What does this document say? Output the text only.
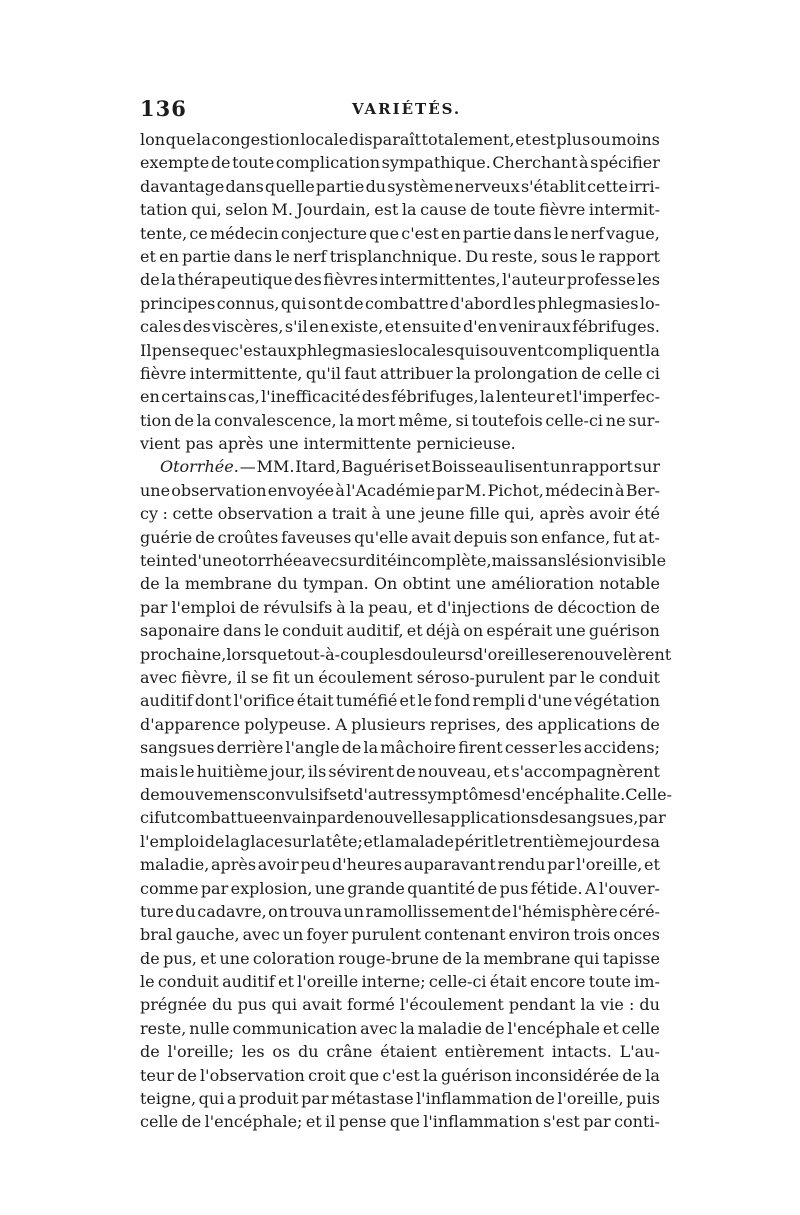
136	VARIÉTÉS.
lon que la congestion locale disparaît totalement, et est plus ou moins
exempte de toute complication sympathique. Cherchant à spécifier
davantage dans quelle partie du système nerveux s'établit cette irri-
tation qui, selon M. Jourdain, est la cause de toute fièvre intermit-
tente, ce médecin conjecture que c'est en partie dans le nerf vague,
et en partie dans le nerf trisplanchnique. Du reste, sous le rapport
de la thérapeutique des fièvres intermittentes, l'auteur professe les
principes connus, qui sont de combattre d'abord les phlegmasies lo-
cales des viscères, s'il en existe, et ensuite d'en venir aux fébrifuges.
Il pense que c'est aux phlegmasies locales qui souvent compliquent la
fièvre intermittente, qu'il faut attribuer la prolongation de celle ci
en certains cas, l'inefficacité des fébrifuges, la lenteur et l'imperfec-
tion de la convalescence, la mort même, si toutefois celle-ci ne sur-
vient pas après une intermittente pernicieuse.
Otorrhée. — MM. Itard, Baguéris et Boisseau lisent un rapport sur
une observation envoyée à l'Académie par M. Pichot, médecin à Ber-
cy : cette observation a trait à une jeune fille qui, après avoir été
guérie de croûtes faveuses qu'elle avait depuis son enfance, fut at-
teinte d'une otorrhée avec surdité incomplète, mais sans lésion visible
de la membrane du tympan. On obtint une amélioration notable
par l'emploi de révulsifs à la peau, et d'injections de décoction de
saponaire dans le conduit auditif, et déjà on espérait une guérison
prochaine, lorsque tout-à-coup les douleurs d'oreille se renouvelèrent
avec fièvre, il se fit un écoulement séroso-purulent par le conduit
auditif dont l'orifice était tuméfié et le fond rempli d'une végétation
d'apparence polypeuse. A plusieurs reprises, des applications de
sangsues derrière l'angle de la mâchoire firent cesser les accidens;
mais le huitième jour, ils sévirent de nouveau, et s'accompagnèrent
de mouvemens convulsifs et d'autres symptômes d'encéphalite. Celle-
ci fut combattue en vain par de nouvelles applications de sangsues, par
l'emploi de la glace sur la tête; et la malade périt le trentième jour de sa
maladie, après avoir peu d'heures auparavant rendu par l'oreille, et
comme par explosion, une grande quantité de pus fétide. A l'ouver-
ture du cadavre, on trouva un ramollissement de l'hémisphère céré-
bral gauche, avec un foyer purulent contenant environ trois onces
de pus, et une coloration rouge-brune de la membrane qui tapisse
le conduit auditif et l'oreille interne; celle-ci était encore toute im-
prégnée du pus qui avait formé l'écoulement pendant la vie : du
reste, nulle communication avec la maladie de l'encéphale et celle
de l'oreille; les os du crâne étaient entièrement intacts. L'au-
teur de l'observation croit que c'est la guérison inconsidérée de la
teigne, qui a produit par métastase l'inflammation de l'oreille, puis
celle de l'encéphale; et il pense que l'inflammation s'est par conti-
